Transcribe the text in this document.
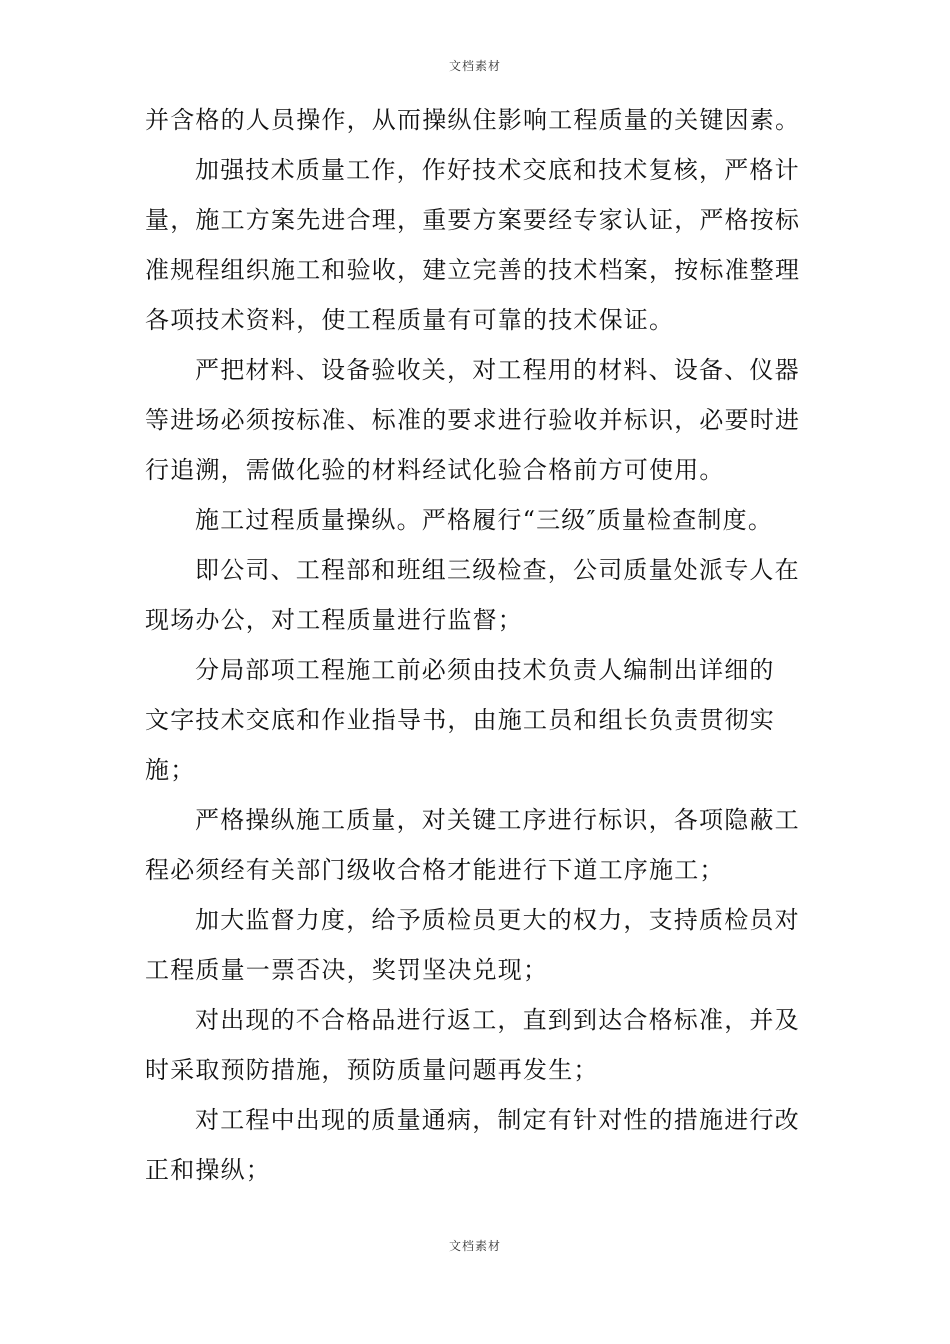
文档素材

并含格的人员操作，从而操纵住影响工程质量的关键因素。

加强技术质量工作，作好技术交底和技术复核，严格计
量，施工方案先进合理，重要方案要经专家认证，严格按标
准规程组织施工和验收，建立完善的技术档案，按标准整理
各项技术资料，使工程质量有可靠的技术保证。

严把材料、设备验收关，对工程用的材料、设备、仪器
等进场必须按标准、标准的要求进行验收并标识，必要时进
行追溯，需做化验的材料经试化验合格前方可使用。

施工过程质量操纵。严格履行“三级″质量检查制度。

即公司、工程部和班组三级检查，公司质量处派专人在
现场办公，对工程质量进行监督；

分局部项工程施工前必须由技术负责人编制出详细的
文字技术交底和作业指导书，由施工员和组长负责贯彻实
施；

严格操纵施工质量，对关键工序进行标识，各项隐蔽工
程必须经有关部门级收合格才能进行下道工序施工；

加大监督力度，给予质检员更大的权力，支持质检员对
工程质量一票否决，奖罚坚决兑现；

对出现的不合格品进行返工，直到到达合格标准，并及
时采取预防措施，预防质量问题再发生；

对工程中出现的质量通病，制定有针对性的措施进行改
正和操纵；

文档素材
